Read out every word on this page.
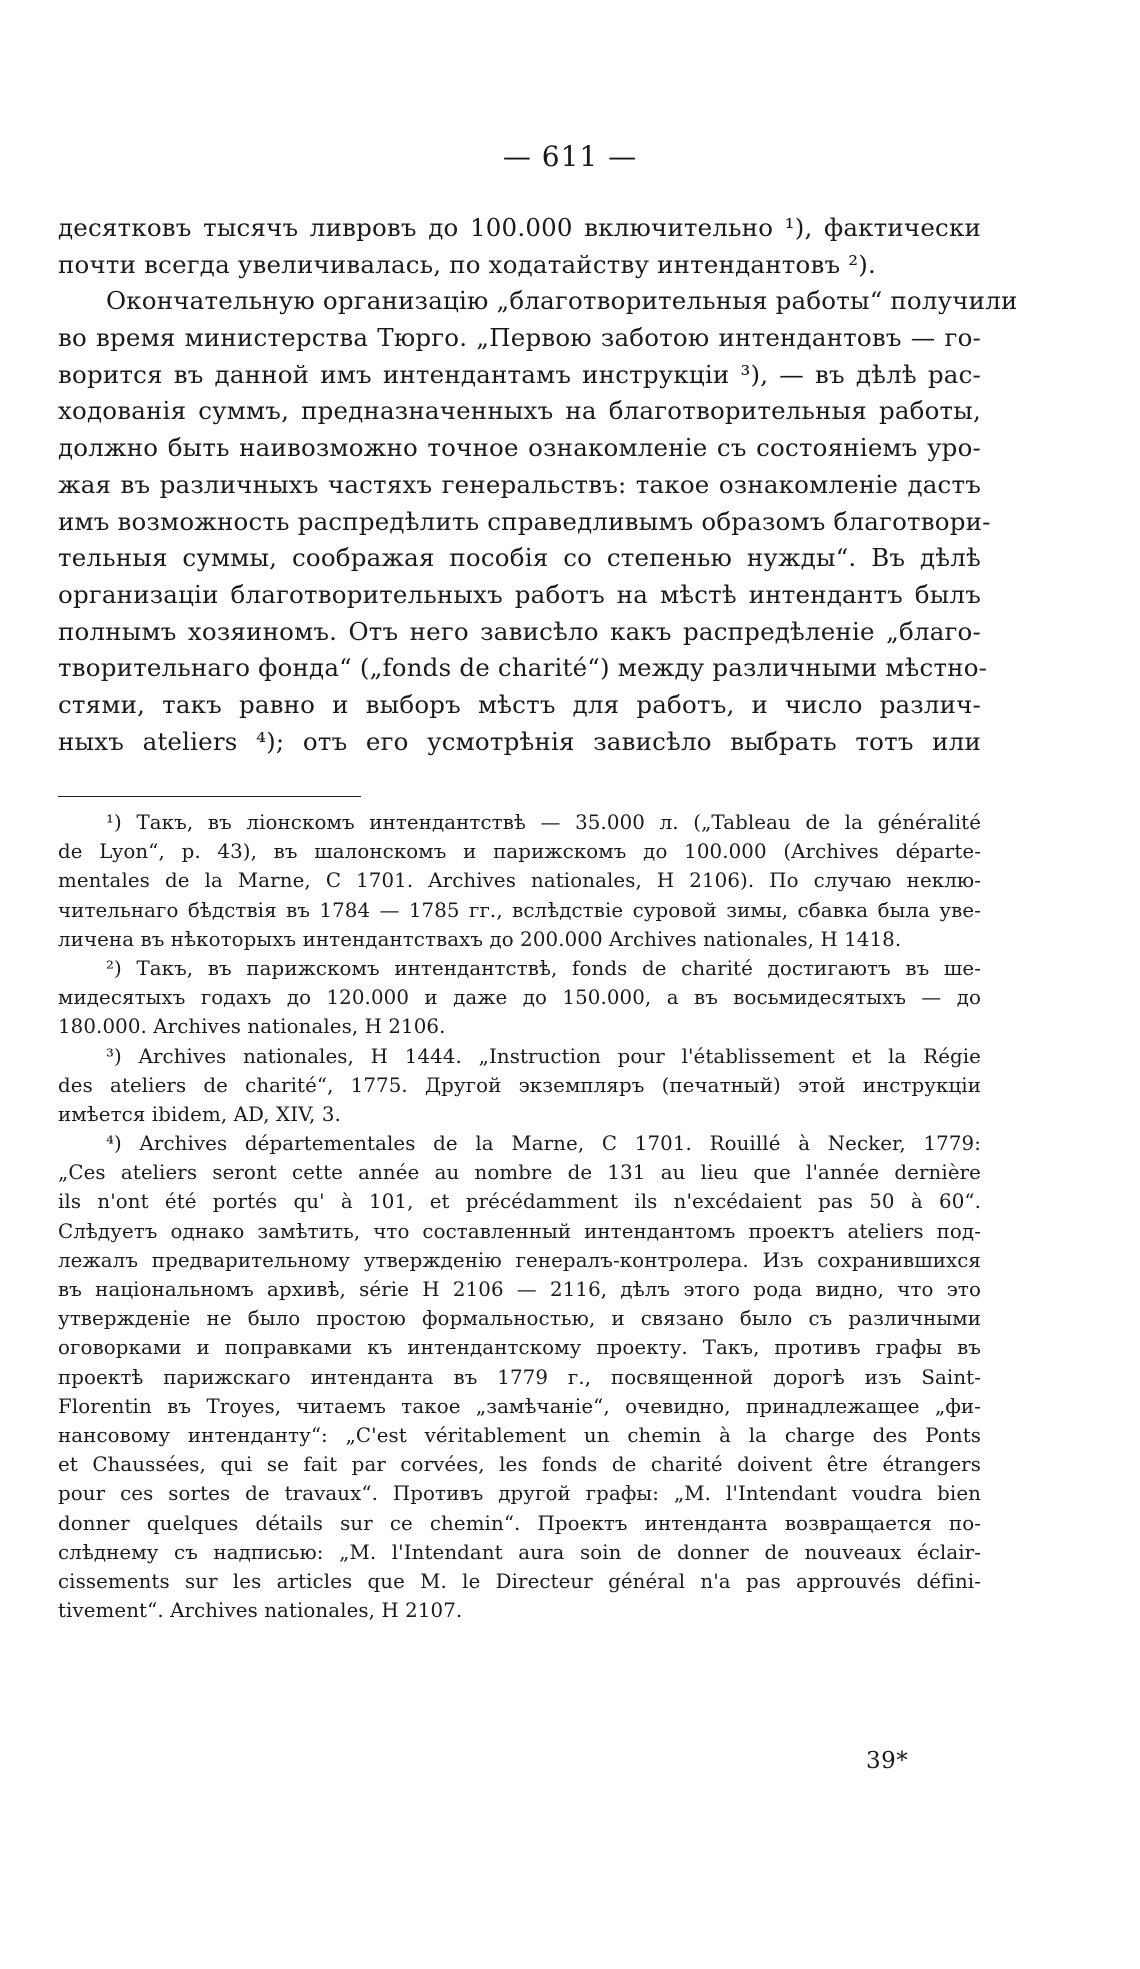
— 611 —
десятковъ тысячъ ливровъ до 100.000 включительно ¹), фактически
почти всегда увеличивалась, по ходатайству интендантовъ ²).
Окончательную организацію „благотворительныя работы“ получили
во время министерства Тюрго. „Первою заботою интендантовъ — го-
ворится въ данной имъ интендантамъ инструкціи ³), — въ дѣлѣ рас-
ходованія суммъ, предназначенныхъ на благотворительныя работы,
должно быть наивозможно точное ознакомленіе съ состояніемъ уро-
жая въ различныхъ частяхъ генеральствъ: такое ознакомленіе дастъ
имъ возможность распредѣлить справедливымъ образомъ благотвори-
тельныя суммы, соображая пособія со степенью нужды“. Въ дѣлѣ
организаціи благотворительныхъ работъ на мѣстѣ интендантъ былъ
полнымъ хозяиномъ. Отъ него зависѣло какъ распредѣленіе „благо-
творительнаго фонда“ („fonds de charité“) между различными мѣстно-
стями, такъ равно и выборъ мѣстъ для работъ, и число различ-
ныхъ ateliers ⁴); отъ его усмотрѣнія зависѣло выбрать тотъ или
¹) Такъ, въ ліонскомъ интендантствѣ — 35.000 л. („Tableau de la généralité
de Lyon“, p. 43), въ шалонскомъ и парижскомъ до 100.000 (Archives départe-
mentales de la Marne, C 1701. Archives nationales, H 2106). По случаю неклю-
чительнаго бѣдствія въ 1784 — 1785 гг., вслѣдствіе суровой зимы, сбавка была уве-
личена въ нѣкоторыхъ интендантствахъ до 200.000 Archives nationales, H 1418.
²) Такъ, въ парижскомъ интендантствѣ, fonds de charité достигаютъ въ ше-
мидесятыхъ годахъ до 120.000 и даже до 150.000, а въ восьмидесятыхъ — до
180.000. Archives nationales, H 2106.
³) Archives nationales, H 1444. „Instruction pour l'établissement et la Régie
des ateliers de charité“, 1775. Другой экземпляръ (печатный) этой инструкціи
имѣется ibidem, AD, XIV, 3.
⁴) Archives départementales de la Marne, C 1701. Rouillé à Necker, 1779:
„Ces ateliers seront cette année au nombre de 131 au lieu que l'année dernière
ils n'ont été portés qu' à 101, et précédamment ils n'excédaient pas 50 à 60“.
Слѣдуетъ однако замѣтить, что составленный интендантомъ проектъ ateliers под-
лежалъ предварительному утвержденію генералъ-контролера. Изъ сохранившихся
въ національномъ архивѣ, série H 2106 — 2116, дѣлъ этого рода видно, что это
утвержденіе не было простою формальностью, и связано было съ различными
оговорками и поправками къ интендантскому проекту. Такъ, противъ графы въ
проектѣ парижскаго интенданта въ 1779 г., посвященной дорогѣ изъ Saint-
Florentin въ Troyes, читаемъ такое „замѣчаніе“, очевидно, принадлежащее „фи-
нансовому интенданту“: „C'est véritablement un chemin à la charge des Ponts
et Chaussées, qui se fait par corvées, les fonds de charité doivent être étrangers
pour ces sortes de travaux“. Противъ другой графы: „M. l'Intendant voudra bien
donner quelques détails sur ce chemin“. Проектъ интенданта возвращается по-
слѣднему съ надписью: „M. l'Intendant aura soin de donner de nouveaux éclair-
cissements sur les articles que M. le Directeur général n'a pas approuvés défini-
tivement“. Archives nationales, H 2107.
39*
